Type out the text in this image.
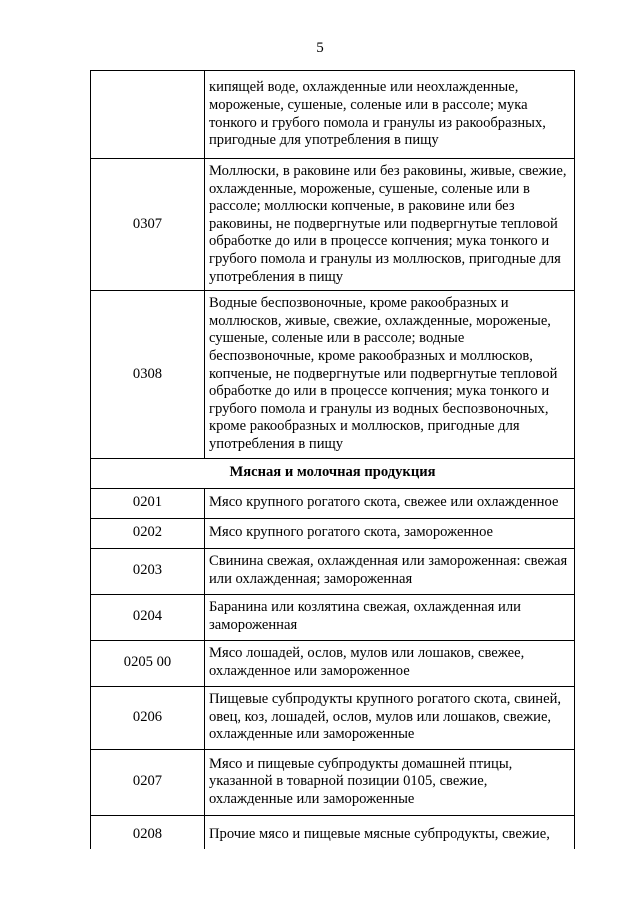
5
	кипящей воде, охлажденные или неохлажденные, мороженые, сушеные, соленые или в рассоле; мука тонкого и грубого помола и гранулы из ракообразных, пригодные для употребления в пищу
0307	Моллюски, в раковине или без раковины, живые, свежие, охлажденные, мороженые, сушеные, соленые или в рассоле; моллюски копченые, в раковине или без раковины, не подвергнутые или подвергнутые тепловой обработке до или в процессе копчения; мука тонкого и грубого помола и гранулы из моллюсков, пригодные для употребления в пищу
0308	Водные беспозвоночные, кроме ракообразных и моллюсков, живые, свежие, охлажденные, мороженые, сушеные, соленые или в рассоле; водные беспозвоночные, кроме ракообразных и моллюсков, копченые, не подвергнутые или подвергнутые тепловой обработке до или в процессе копчения; мука тонкого и грубого помола и гранулы из водных беспозвоночных, кроме ракообразных и моллюсков, пригодные для употребления в пищу
Мясная и молочная продукция	
0201	Мясо крупного рогатого скота, свежее или охлажденное
0202	Мясо крупного рогатого скота, замороженное
0203	Свинина свежая, охлажденная или замороженная: свежая или охлажденная; замороженная
0204	Баранина или козлятина свежая, охлажденная или замороженная
0205 00	Мясо лошадей, ослов, мулов или лошаков, свежее, охлажденное или замороженное
0206	Пищевые субпродукты крупного рогатого скота, свиней, овец, коз, лошадей, ослов, мулов или лошаков, свежие, охлажденные или замороженные
0207	Мясо и пищевые субпродукты домашней птицы, указанной в товарной позиции 0105, свежие, охлажденные или замороженные
0208	Прочие мясо и пищевые мясные субпродукты, свежие,
